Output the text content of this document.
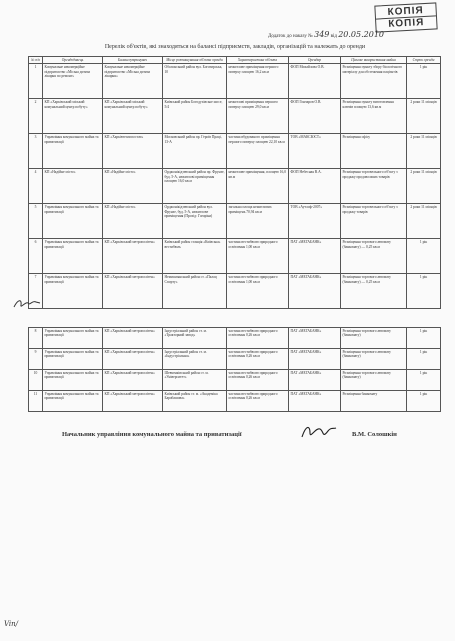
КОПІЯ
КОПІЯ
Додаток до наказу № 349 від 20.05.2010
Перелік об'єктів, які знаходяться на балансі підприємств, закладів, організацій та належать до оренди
№ п/п	Орендодавець	Балансоутримувач	Місце розташування об'єкта оренди	Характеристика об'єкта	Орендар	Цільове використання майна	Строк оренди
1	Комунальне некомерційне підприємство «Міська дитяча лікарня по ремонт»	Комунальне некомерційне підприємство «Міська дитяча лікарня»	Оболонський район вул. Богатирська, 10	нежитлове приміщення першого поверху площею 16,2 кв.м	ФОП Михайлова О.В.	Розміщення пункту збору біологічного матеріалу для обстеження пацієнтів	1 рік
2	КП «Харківський міський комунальний центр побуту»	КП «Харківський міський комунальний центр побуту»	Київський район Богодухівське шосе, 5/4	нежитлові приміщення першого поверху площею 29,0 кв.м	ФОП Гончаров О.В.	Розміщення пункту виготовлення ключів площею 13,6 кв.м	2 роки 11 місяців
3	Управління комунального майна та приватизації	КП «Харківтеплопостач»	Московський район пр. Героїв Праці, 13-А	частина вбудованого приміщення першого поверху площею 22,10 кв.м	ТОВ «МАКСЮСТ»	Розміщення офісу	2 роки 11 місяців
4	КП «Надійне місто»	КП «Надійне місто»	Орджонікідзевський район пр. Фрунзе, буд. 5-А, нежитлові приміщення площею 16,0 кв.м	нежитлове приміщення, площею 16,0 кв.м	ФОП Небесная В.А.	Розміщення торговельного об'єкту з продажу продовольчих товарів	2 роки 11 місяців
5	Управління комунального майна та приватизації	КП «Надійне місто»	Орджонікідзевський район вул. Фрунзе, буд. 5-А, нежитлове приміщення (Прохід: Гагаріна)	загальна площа нежитлових приміщень 70,94 кв.м	ТОВ «Аутлоф-2007»	Розміщення торговельного об'єкту з продажу товарів	2 роки 11 місяців
6	Управління комунального майна та приватизації	КП «Харківський метрополітен»	Київський район станція «Київська» вестибюль	частина вестибюлю природного освітлення 1,00 кв.м	ПАТ «МЕГАБАНК»	Розміщення торгового автомату (банкомату) — 0,25 кв.м	1 рік
7	Управління комунального майна та приватизації	КП «Харківський метрополітен»	Немишлянський район ст. «Палац Спорту»	частина вестибюлю природного освітлення 1,00 кв.м	ПАТ «МЕГАБАНК»	Розміщення торгового автомату (банкомату) — 0,25 кв.м	1 рік
8	Управління комунального майна та приватизації	КП «Харківський метрополітен»	Індустріальний район ст. м. «Тракторний завод»	частина вестибюлю природного освітлення 0,26 кв.м	ПАТ «МЕГАБАНК»	Розміщення торгового автомату (банкомату)	1 рік
9	Управління комунального майна та приватизації	КП «Харківський метрополітен»	Індустріальний район ст. м. «Індустріальна»	частина вестибюлю природного освітлення 0,26 кв.м	ПАТ «МЕГАБАНК»	Розміщення торгового автомату (банкомату)	1 рік
10	Управління комунального майна та приватизації	КП «Харківський метрополітен»	Шевченківський район ст. м. «Університет»	частина вестибюлю природного освітлення 0,26 кв.м	ПАТ «МЕГАБАНК»	Розміщення торгового автомату (банкомату)	1 рік
11	Управління комунального майна та приватизації	КП «Харківський метрополітен»	Київський район ст. м. «Академіка Барабашова»	частина вестибюлю природного освітлення 0,26 кв.м	ПАТ «МЕГАБАНК»	Розміщення банкомату	1 рік
Начальник управління комунального майна та приватизації	В.М. Солошкін
Vin/
